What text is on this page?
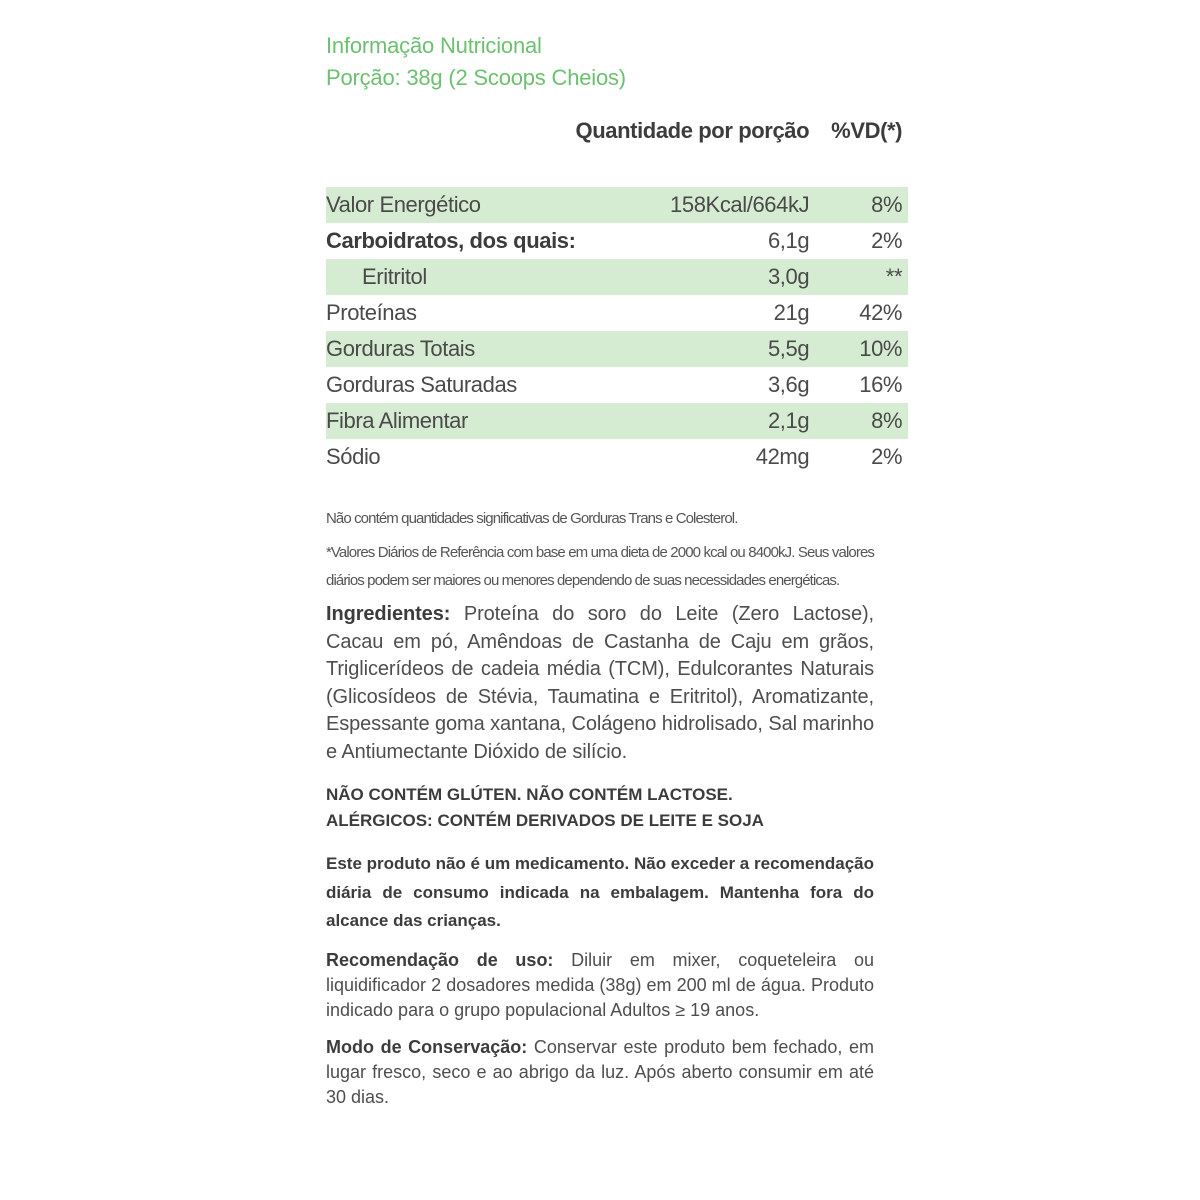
Informação Nutricional
Porção: 38g (2 Scoops Cheios)
	Quantidade por porção	%VD(*)

Valor Energético	158Kcal/664kJ	8%
Carboidratos, dos quais:	6,1g	2%
Eritritol	3,0g	**
Proteínas	21g	42%
Gorduras Totais	5,5g	10%
Gorduras Saturadas	3,6g	16%
Fibra Alimentar	2,1g	8%
Sódio	42mg	2%
Não contém quantidades significativas de Gorduras Trans e Colesterol.
*Valores Diários de Referência com base em uma dieta de 2000 kcal ou 8400kJ. Seus valores diários podem ser maiores ou menores dependendo de suas necessidades energéticas.
Ingredientes: Proteína do soro do Leite (Zero Lactose), Cacau em pó, Amêndoas de Castanha de Caju em grãos, Triglicerídeos de cadeia média (TCM), Edulcorantes Naturais (Glicosídeos de Stévia, Taumatina e Eritritol), Aromatizante, Espessante goma xantana, Colágeno hidrolisado, Sal marinho e Antiumectante Dióxido de silício.
NÃO CONTÉM GLÚTEN. NÃO CONTÉM LACTOSE.
ALÉRGICOS: CONTÉM DERIVADOS DE LEITE E SOJA
Este produto não é um medicamento. Não exceder a recomendação diária de consumo indicada na embalagem. Mantenha fora do alcance das crianças.
Recomendação de uso: Diluir em mixer, coqueteleira ou liquidificador 2 dosadores medida (38g) em 200 ml de água. Produto indicado para o grupo populacional Adultos ≥ 19 anos.
Modo de Conservação: Conservar este produto bem fechado, em lugar fresco, seco e ao abrigo da luz. Após aberto consumir em até 30 dias.
